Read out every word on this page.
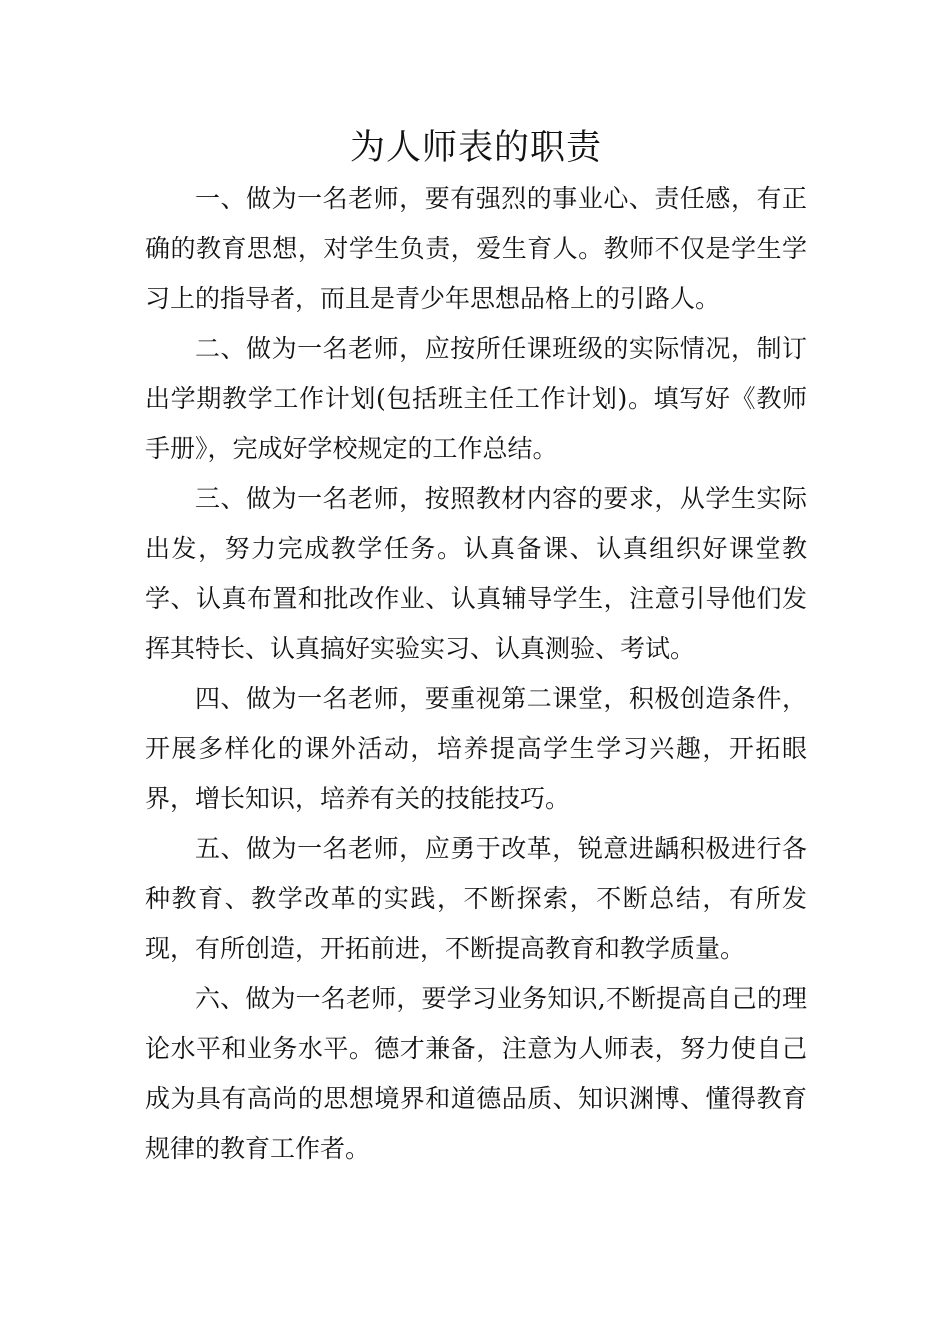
为人师表的职责

一、做为一名老师，要有强烈的事业心、责任感，有正确的教育思想，对学生负责，爱生育人。教师不仅是学生学习上的指导者，而且是青少年思想品格上的引路人。

二、做为一名老师，应按所任课班级的实际情况，制订出学期教学工作计划(包括班主任工作计划)。填写好《教师手册》，完成好学校规定的工作总结。

三、做为一名老师，按照教材内容的要求，从学生实际出发，努力完成教学任务。认真备课、认真组织好课堂教学、认真布置和批改作业、认真辅导学生，注意引导他们发挥其特长、认真搞好实验实习、认真测验、考试。

四、做为一名老师，要重视第二课堂，积极创造条件，开展多样化的课外活动，培养提高学生学习兴趣，开拓眼界，增长知识，培养有关的技能技巧。

五、做为一名老师，应勇于改革，锐意进龋积极进行各种教育、教学改革的实践，不断探索，不断总结，有所发现，有所创造，开拓前进，不断提高教育和教学质量。

六、做为一名老师，要学习业务知识,不断提高自己的理论水平和业务水平。德才兼备，注意为人师表，努力使自己成为具有高尚的思想境界和道德品质、知识渊博、懂得教育规律的教育工作者。
